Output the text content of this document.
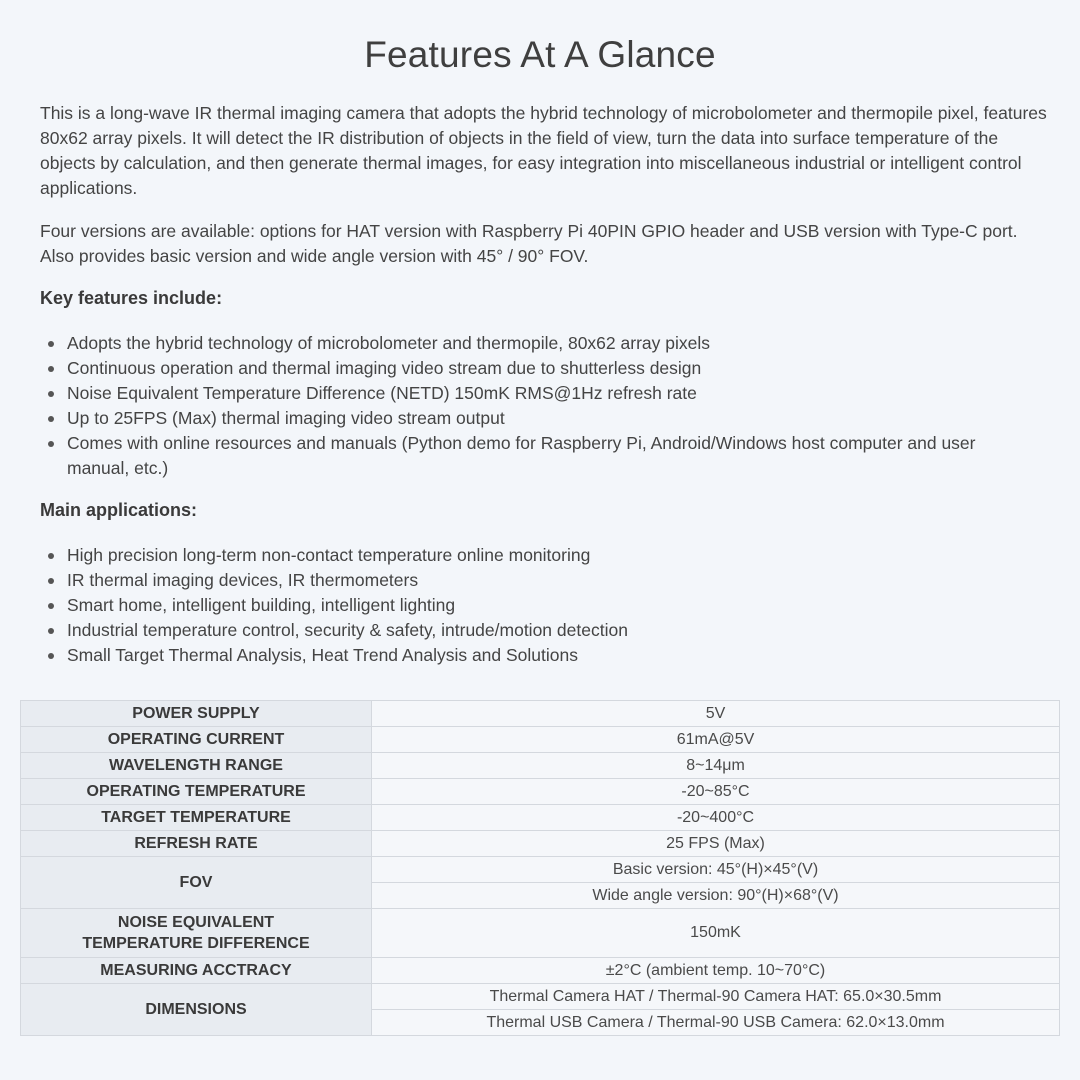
Features At A Glance

This is a long-wave IR thermal imaging camera that adopts the hybrid technology of microbolometer and thermopile pixel, features 80x62 array pixels. It will detect the IR distribution of objects in the field of view, turn the data into surface temperature of the objects by calculation, and then generate thermal images, for easy integration into miscellaneous industrial or intelligent control applications.

Four versions are available: options for HAT version with Raspberry Pi 40PIN GPIO header and USB version with Type-C port. Also provides basic version and wide angle version with 45° / 90° FOV.

Key features include:
Adopts the hybrid technology of microbolometer and thermopile, 80x62 array pixels
Continuous operation and thermal imaging video stream due to shutterless design
Noise Equivalent Temperature Difference (NETD) 150mK RMS@1Hz refresh rate
Up to 25FPS (Max) thermal imaging video stream output
Comes with online resources and manuals (Python demo for Raspberry Pi, Android/Windows host computer and user manual, etc.)
Main applications:
High precision long-term non-contact temperature online monitoring
IR thermal imaging devices, IR thermometers
Smart home, intelligent building, intelligent lighting
Industrial temperature control, security & safety, intrude/motion detection
Small Target Thermal Analysis, Heat Trend Analysis and Solutions
POWER SUPPLY	5V
OPERATING CURRENT	61mA@5V
WAVELENGTH RANGE	8~14μm
OPERATING TEMPERATURE	-20~85°C
TARGET TEMPERATURE	-20~400°C
REFRESH RATE	25 FPS (Max)
FOV	Basic version: 45°(H)×45°(V)
	Wide angle version: 90°(H)×68°(V)

NOISE EQUIVALENT
TEMPERATURE DIFFERENCE	150mK
MEASURING ACCTRACY	±2°C (ambient temp. 10~70°C)
DIMENSIONS	Thermal Camera HAT / Thermal-90 Camera HAT: 65.0×30.5mm
	Thermal USB Camera / Thermal-90 USB Camera: 62.0×13.0mm
